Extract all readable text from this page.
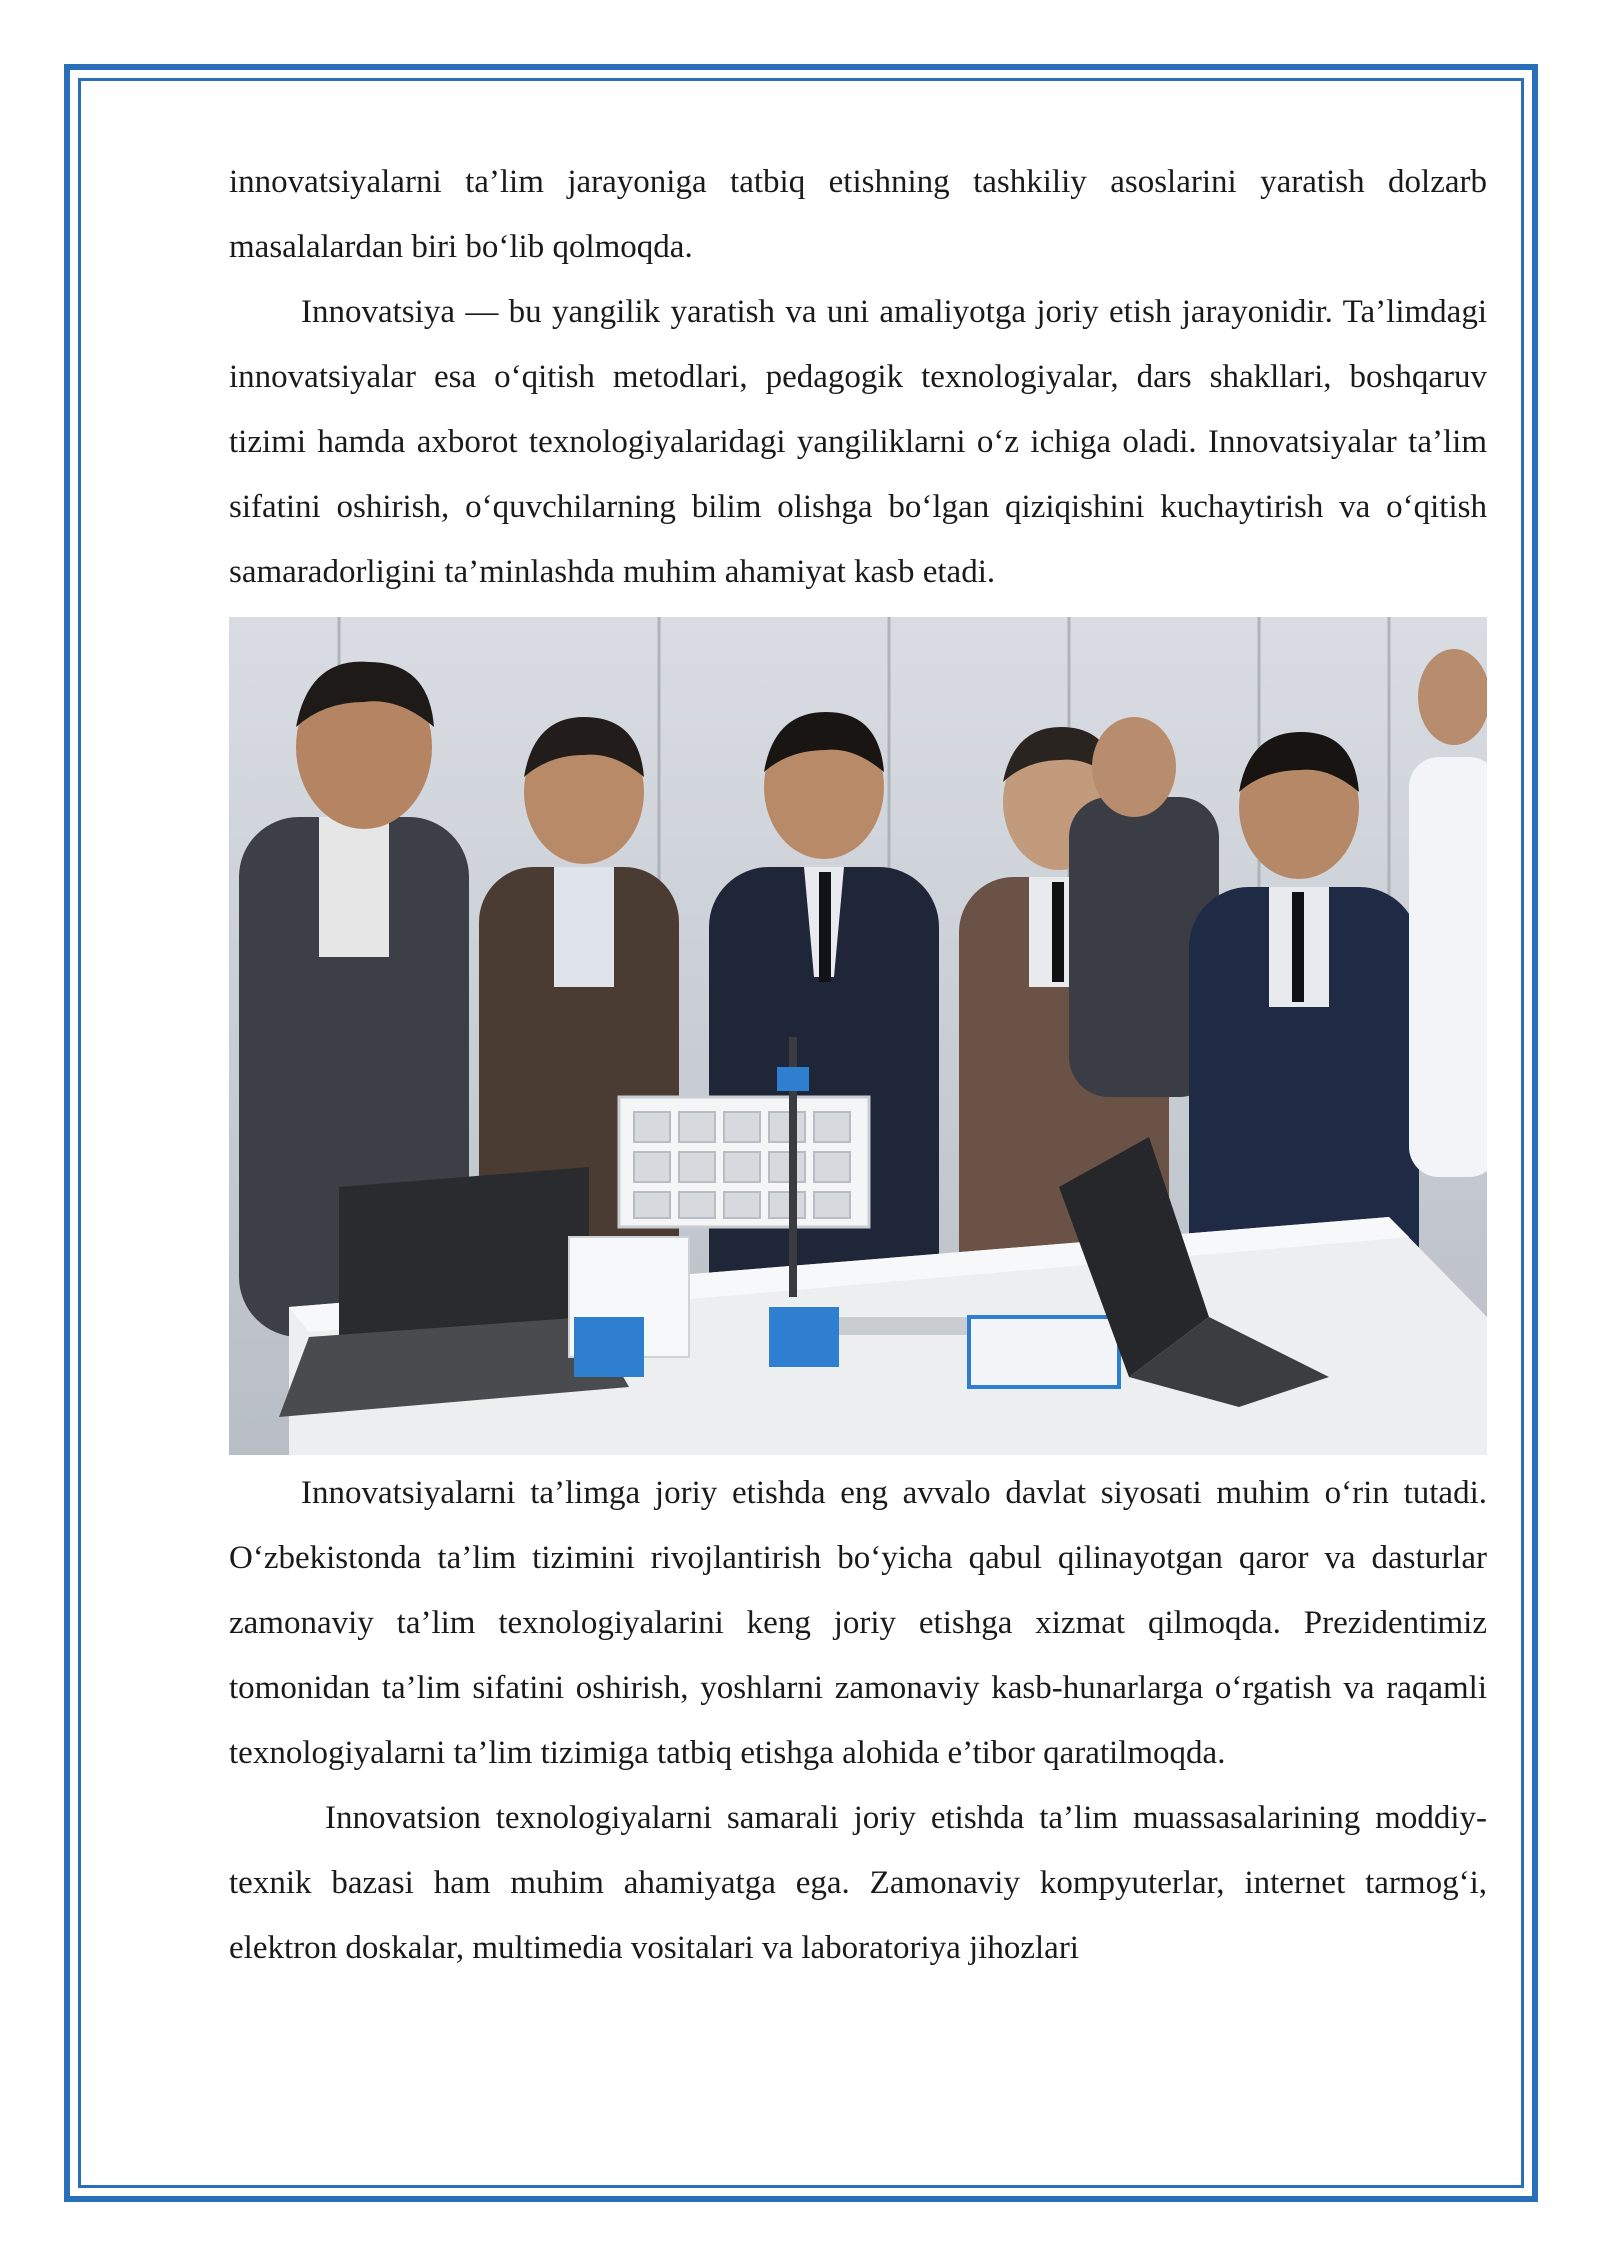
innovatsiyalarni ta’lim jarayoniga tatbiq etishning tashkiliy asoslarini yaratish dolzarb masalalardan biri bo‘lib qolmoqda.

Innovatsiya — bu yangilik yaratish va uni amaliyotga joriy etish jarayonidir. Ta’limdagi innovatsiyalar esa o‘qitish metodlari, pedagogik texnologiyalar, dars shakllari, boshqaruv tizimi hamda axborot texnologiyalaridagi yangiliklarni o‘z ichiga oladi. Innovatsiyalar ta’lim sifatini oshirish, o‘quvchilarning bilim olishga bo‘lgan qiziqishini kuchaytirish va o‘qitish samaradorligini ta’minlashda muhim ahamiyat kasb etadi.

Innovatsiyalarni ta’limga joriy etishda eng avvalo davlat siyosati muhim o‘rin tutadi. O‘zbekistonda ta’lim tizimini rivojlantirish bo‘yicha qabul qilinayotgan qaror va dasturlar zamonaviy ta’lim texnologiyalarini keng joriy etishga xizmat qilmoqda. Prezidentimiz tomonidan ta’lim sifatini oshirish, yoshlarni zamonaviy kasb-hunarlarga o‘rgatish va raqamli texnologiyalarni ta’lim tizimiga tatbiq etishga alohida e’tibor qaratilmoqda.

Innovatsion texnologiyalarni samarali joriy etishda ta’lim muassasalarining moddiy-texnik bazasi ham muhim ahamiyatga ega. Zamonaviy kompyuterlar, internet tarmog‘i, elektron doskalar, multimedia vositalari va laboratoriya jihozlari
